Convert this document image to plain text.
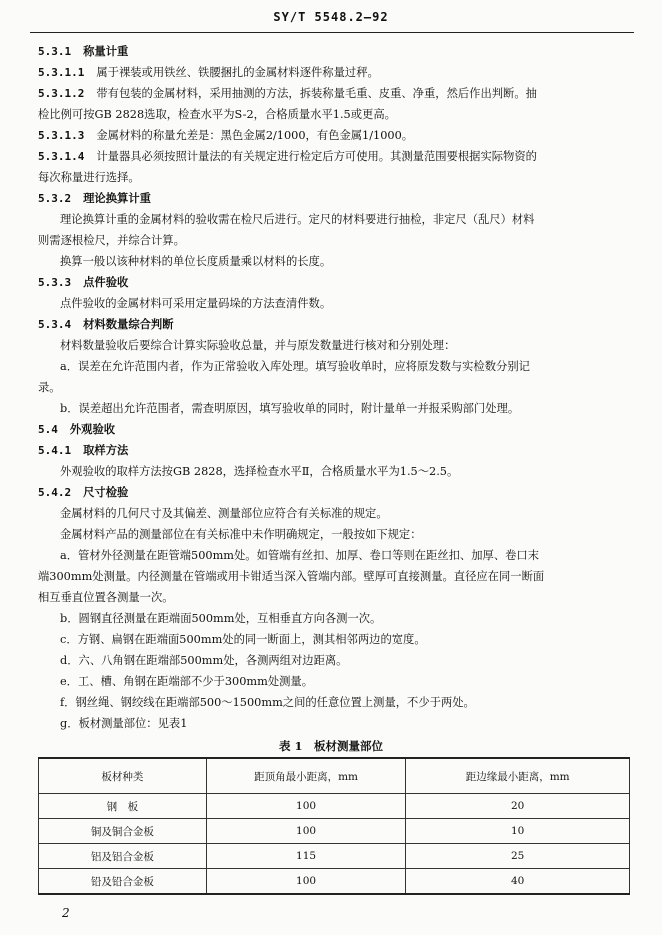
SY/T 5548.2—92
5.3.1 称量计重
5.3.1.1 属于裸装或用铁丝、铁腰捆扎的金属材料逐件称量过秤。
5.3.1.2 带有包装的金属材料，采用抽测的方法，拆装称量毛重、皮重、净重，然后作出判断。抽
检比例可按GB 2828选取，检查水平为S-2，合格质量水平1.5或更高。
5.3.1.3 金属材料的称量允差是：黑色金属2/1000，有色金属1/1000。
5.3.1.4 计量器具必须按照计量法的有关规定进行检定后方可使用。其测量范围要根据实际物资的
每次称量进行选择。
5.3.2 理论换算计重
理论换算计重的金属材料的验收需在检尺后进行。定尺的材料要进行抽检，非定尺（乱尺）材料
则需逐根检尺，并综合计算。
换算一般以该种材料的单位长度质量乘以材料的长度。
5.3.3 点件验收
点件验收的金属材料可采用定量码垛的方法查清件数。
5.3.4 材料数量综合判断
材料数量验收后要综合计算实际验收总量，并与原发数量进行核对和分别处理：
a．误差在允许范围内者，作为正常验收入库处理。填写验收单时，应将原发数与实检数分别记
录。
b．误差超出允许范围者，需查明原因，填写验收单的同时，附计量单一并报采购部门处理。
5.4 外观验收
5.4.1 取样方法
外观验收的取样方法按GB 2828，选择检查水平Ⅱ，合格质量水平为1.5～2.5。
5.4.2 尺寸检验
金属材料的几何尺寸及其偏差、测量部位应符合有关标准的规定。
金属材料产品的测量部位在有关标准中未作明确规定，一般按如下规定：
a．管材外径测量在距管端500mm处。如管端有丝扣、加厚、卷口等则在距丝扣、加厚、卷口末
端300mm处测量。内径测量在管端或用卡钳适当深入管端内部。壁厚可直接测量。直径应在同一断面
相互垂直位置各测量一次。
b．圆钢直径测量在距端面500mm处，互相垂直方向各测一次。
c．方钢、扁钢在距端面500mm处的同一断面上，测其相邻两边的宽度。
d．六、八角钢在距端部500mm处，各测两组对边距离。
e．工、槽、角钢在距端部不少于300mm处测量。
f．钢丝绳、钢绞线在距端部500～1500mm之间的任意位置上测量，不少于两处。
g．板材测量部位：见表1
表 1　板材测量部位
板材种类	距顶角最小距离，mm	距边缘最小距离，mm
钢　板	100	20
铜及铜合金板	100	10
铝及铝合金板	115	25
铅及铅合金板	100	40
2
